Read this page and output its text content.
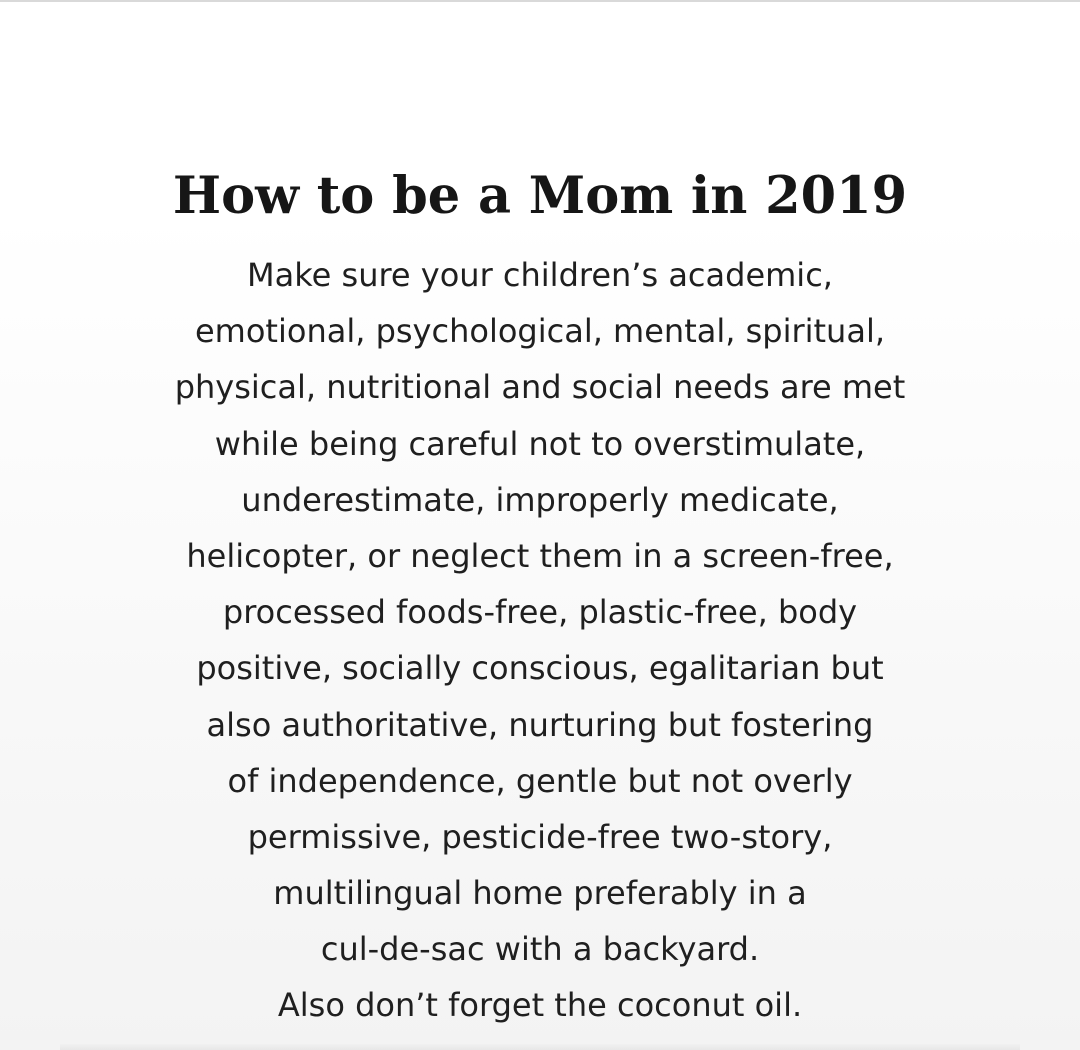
How to be a Mom in 2019
Make sure your children’s academic,
emotional, psychological, mental, spiritual,
physical, nutritional and social needs are met
while being careful not to overstimulate,
underestimate, improperly medicate,
helicopter, or neglect them in a screen-free,
processed foods-free, plastic-free, body
positive, socially conscious, egalitarian but
also authoritative, nurturing but fostering
of independence, gentle but not overly
permissive, pesticide-free two-story,
multilingual home preferably in a
cul-de-sac with a backyard.
Also don’t forget the coconut oil.
